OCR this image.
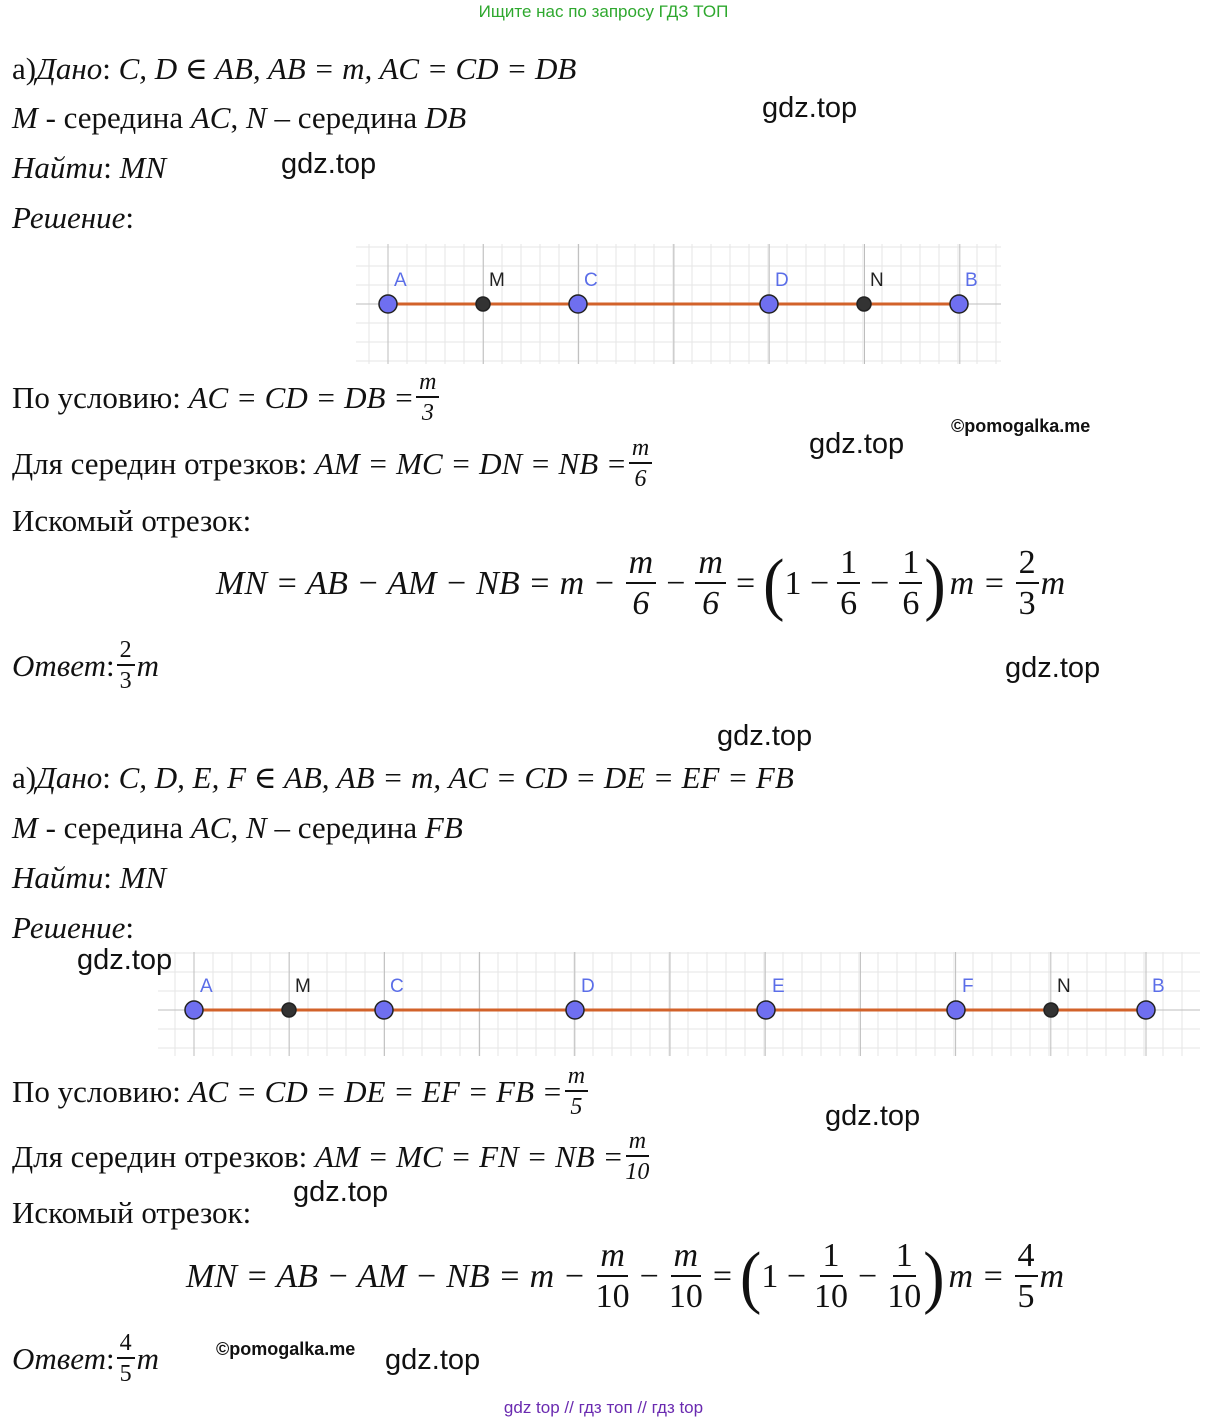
Ищите нас по запросу ГДЗ ТОП
а)Дано: C, D ∈ AB, AB = m, AC = CD = DB
M - середина AC, N – середина DB
Найти: MN
Решение:
A	M	C	D	N	B
По условию: AC = CD = DB = $\frac{m}{3}$
Для середин отрезков: AM = MC = DN = NB = $\frac{m}{6}$
Искомый отрезок:
MN = AB − AM − NB = $m - \frac{m}{6} - \frac{m}{6}$ = ( $1 - \frac{1}{6} - \frac{1}{6}$ ) $m = \frac{2}{3}$ m
Ответ : $\frac{2}{3}$ m
а)Дано: C, D, E, F ∈ AB, AB = m, AC = CD = DE = EF = FB
M - середина AC, N – середина FB
Найти: MN
Решение:
A	M	C	D	E	F	N	B
По условию: AC = CD = DE = EF = FB = $\frac{m}{5}$
Для середин отрезков: AM = MC = FN = NB = $\frac{m}{10}$
Искомый отрезок:
MN = AB − AM − NB = $m - \frac{m}{10} - \frac{m}{10}$ = ( $1 - \frac{1}{10} - \frac{1}{10}$ ) $m = \frac{4}{5}$ m
Ответ : $\frac{4}{5}$ m
gdz.top
gdz.top
gdz.top
gdz.top
gdz.top
gdz.top
gdz.top
gdz.top
gdz.top
©pomogalka.me
©pomogalka.me
gdz top // гдз топ // гдз top
